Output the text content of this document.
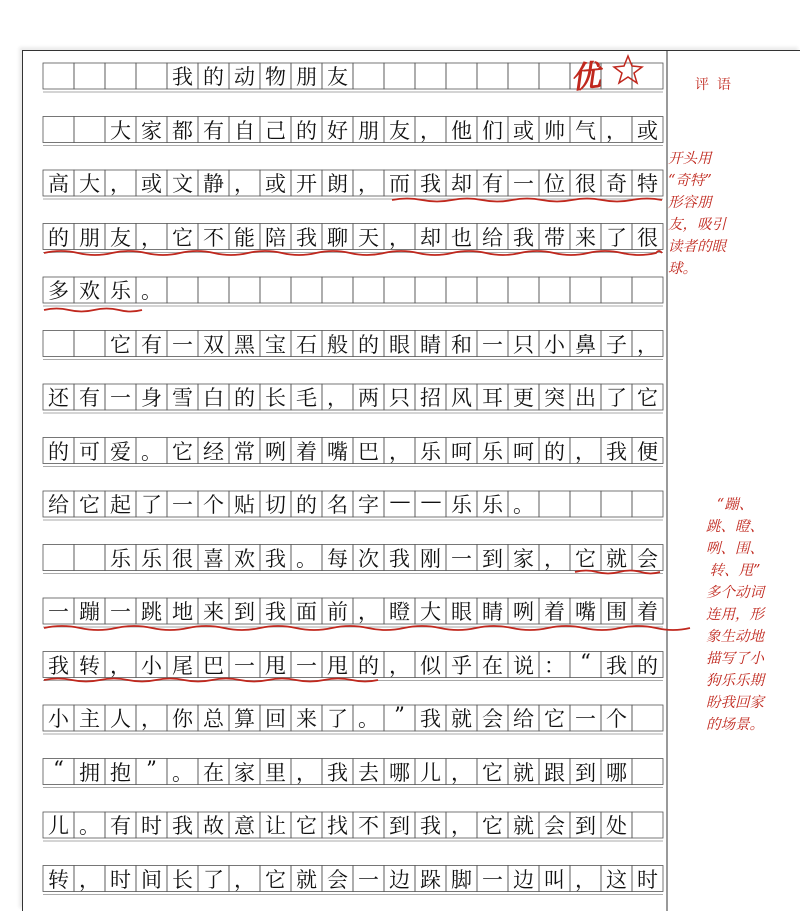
我 的 动 物 朋 友
大 家 都 有 自 己 的 好 朋 友 ， 他 们 或 帅 气 ， 或
高 大 ， 或 文 静 ， 或 开 朗 ， 而 我 却 有 一 位 很 奇 特
的 朋 友 ， 它 不 能 陪 我 聊 天 ， 却 也 给 我 带 来 了 很
多 欢 乐 。
它 有 一 双 黑 宝 石 般 的 眼 睛 和 一 只 小 鼻 子 ，
还 有 一 身 雪 白 的 长 毛 ， 两 只 招 风 耳 更 突 出 了 它
的 可 爱 。 它 经 常 咧 着 嘴 巴 ， 乐 呵 乐 呵 的 ， 我 便
给 它 起 了 一 个 贴 切 的 名 字 — — 乐 乐 。
乐 乐 很 喜 欢 我 。 每 次 我 刚 一 到 家 ， 它 就 会
一 蹦 一 跳 地 来 到 我 面 前 ， 瞪 大 眼 睛 咧 着 嘴 围 着
我 转 ， 小 尾 巴 一 甩 一 甩 的 ， 似 乎 在 说 ： “ 我 的
小 主 人 ， 你 总 算 回 来 了 。 ” 我 就 会 给 它 一 个
“ 拥 抱 ” 。 在 家 里 ， 我 去 哪 儿 ， 它 就 跟 到 哪
儿 。 有 时 我 故 意 让 它 找 不 到 我 ， 它 就 会 到 处
转 ， 时 间 长 了 ， 它 就 会 一 边 跺 脚 一 边 叫 ， 这 时
优	评语
开头用
“奇特”
形容朋
友，吸引
读者的眼
球。
“蹦、
跳、瞪、
咧、围、
转、甩”
多个动词
连用，形
象生动地
描写了小
狗乐乐期
盼我回家
的场景。
